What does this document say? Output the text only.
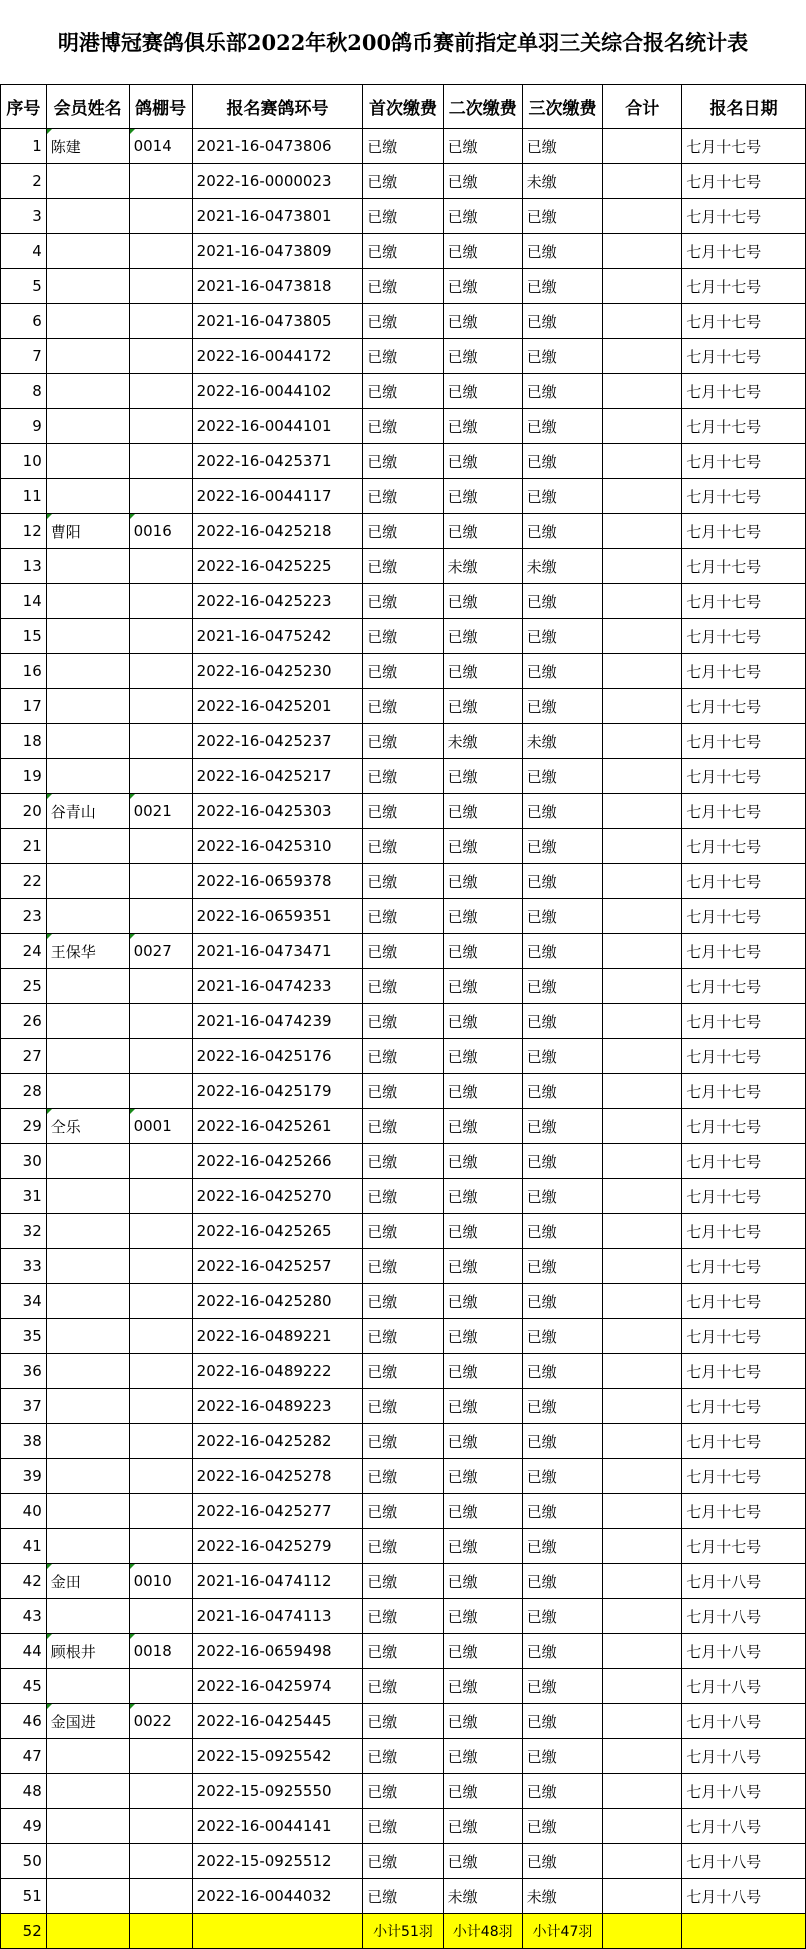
明港博冠赛鸽俱乐部2022年秋200鸽币赛前指定单羽三关综合报名统计表
序号	会员姓名	鸽棚号	报名赛鸽环号	首次缴费	二次缴费	三次缴费	合计	报名日期
1	陈建	0014	2021-16-0473806	已缴	已缴	已缴		七月十七号
2			2022-16-0000023	已缴	已缴	未缴		七月十七号
3			2021-16-0473801	已缴	已缴	已缴		七月十七号
4			2021-16-0473809	已缴	已缴	已缴		七月十七号
5			2021-16-0473818	已缴	已缴	已缴		七月十七号
6			2021-16-0473805	已缴	已缴	已缴		七月十七号
7			2022-16-0044172	已缴	已缴	已缴		七月十七号
8			2022-16-0044102	已缴	已缴	已缴		七月十七号
9			2022-16-0044101	已缴	已缴	已缴		七月十七号
10			2022-16-0425371	已缴	已缴	已缴		七月十七号
11			2022-16-0044117	已缴	已缴	已缴		七月十七号
12	曹阳	0016	2022-16-0425218	已缴	已缴	已缴		七月十七号
13			2022-16-0425225	已缴	未缴	未缴		七月十七号
14			2022-16-0425223	已缴	已缴	已缴		七月十七号
15			2021-16-0475242	已缴	已缴	已缴		七月十七号
16			2022-16-0425230	已缴	已缴	已缴		七月十七号
17			2022-16-0425201	已缴	已缴	已缴		七月十七号
18			2022-16-0425237	已缴	未缴	未缴		七月十七号
19			2022-16-0425217	已缴	已缴	已缴		七月十七号
20	谷青山	0021	2022-16-0425303	已缴	已缴	已缴		七月十七号
21			2022-16-0425310	已缴	已缴	已缴		七月十七号
22			2022-16-0659378	已缴	已缴	已缴		七月十七号
23			2022-16-0659351	已缴	已缴	已缴		七月十七号
24	王保华	0027	2021-16-0473471	已缴	已缴	已缴		七月十七号
25			2021-16-0474233	已缴	已缴	已缴		七月十七号
26			2021-16-0474239	已缴	已缴	已缴		七月十七号
27			2022-16-0425176	已缴	已缴	已缴		七月十七号
28			2022-16-0425179	已缴	已缴	已缴		七月十七号
29	仝乐	0001	2022-16-0425261	已缴	已缴	已缴		七月十七号
30			2022-16-0425266	已缴	已缴	已缴		七月十七号
31			2022-16-0425270	已缴	已缴	已缴		七月十七号
32			2022-16-0425265	已缴	已缴	已缴		七月十七号
33			2022-16-0425257	已缴	已缴	已缴		七月十七号
34			2022-16-0425280	已缴	已缴	已缴		七月十七号
35			2022-16-0489221	已缴	已缴	已缴		七月十七号
36			2022-16-0489222	已缴	已缴	已缴		七月十七号
37			2022-16-0489223	已缴	已缴	已缴		七月十七号
38			2022-16-0425282	已缴	已缴	已缴		七月十七号
39			2022-16-0425278	已缴	已缴	已缴		七月十七号
40			2022-16-0425277	已缴	已缴	已缴		七月十七号
41			2022-16-0425279	已缴	已缴	已缴		七月十七号
42	金田	0010	2021-16-0474112	已缴	已缴	已缴		七月十八号
43			2021-16-0474113	已缴	已缴	已缴		七月十八号
44	顾根井	0018	2022-16-0659498	已缴	已缴	已缴		七月十八号
45			2022-16-0425974	已缴	已缴	已缴		七月十八号
46	金国进	0022	2022-16-0425445	已缴	已缴	已缴		七月十八号
47			2022-15-0925542	已缴	已缴	已缴		七月十八号
48			2022-15-0925550	已缴	已缴	已缴		七月十八号
49			2022-16-0044141	已缴	已缴	已缴		七月十八号
50			2022-15-0925512	已缴	已缴	已缴		七月十八号
51			2022-16-0044032	已缴	未缴	未缴		七月十八号
52				小计51羽	小计48羽	小计47羽		
